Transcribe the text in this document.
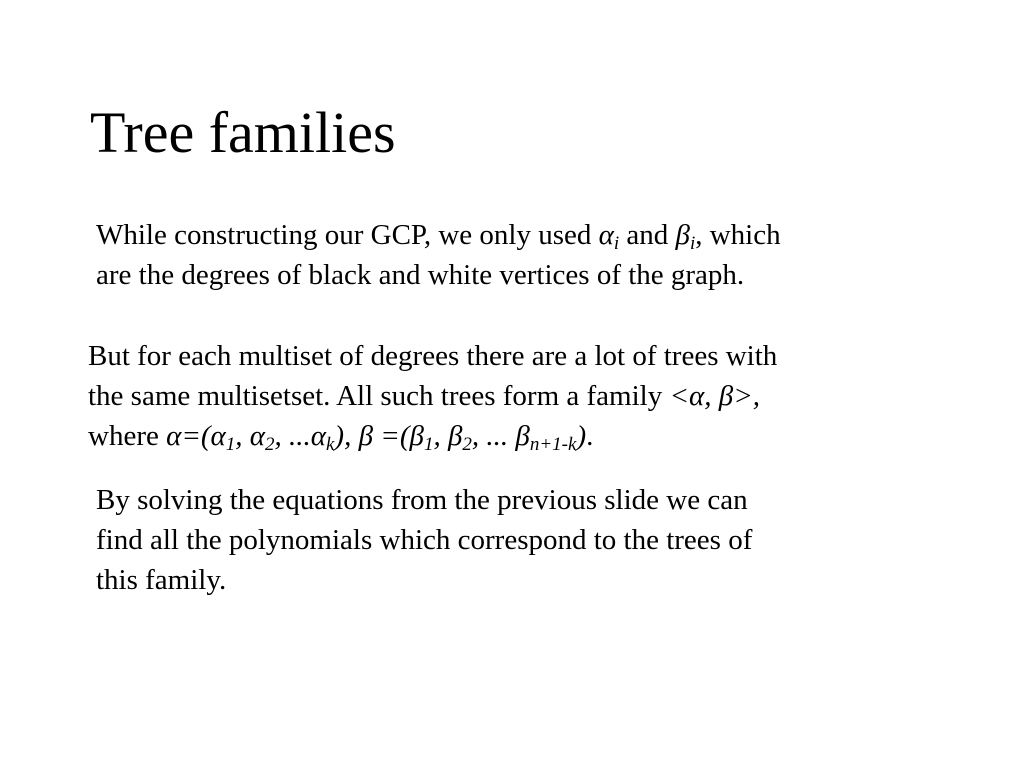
Tree families

While constructing our GCP, we only used $\alpha_i$ and $\beta_i$, which
are the degrees of black and white vertices of the graph.

But for each multiset of degrees there are a lot of trees with
the same multisetset. All such trees form a family <α, β>,
where $\alpha=(\alpha_1$, $\alpha_2$, $...\alpha_k$), $\beta =(\beta_1$, $\beta_2$, ... $\beta_{n+1-k}$).

By solving the equations from the previous slide we can
find all the polynomials which correspond to the trees of
this family.
